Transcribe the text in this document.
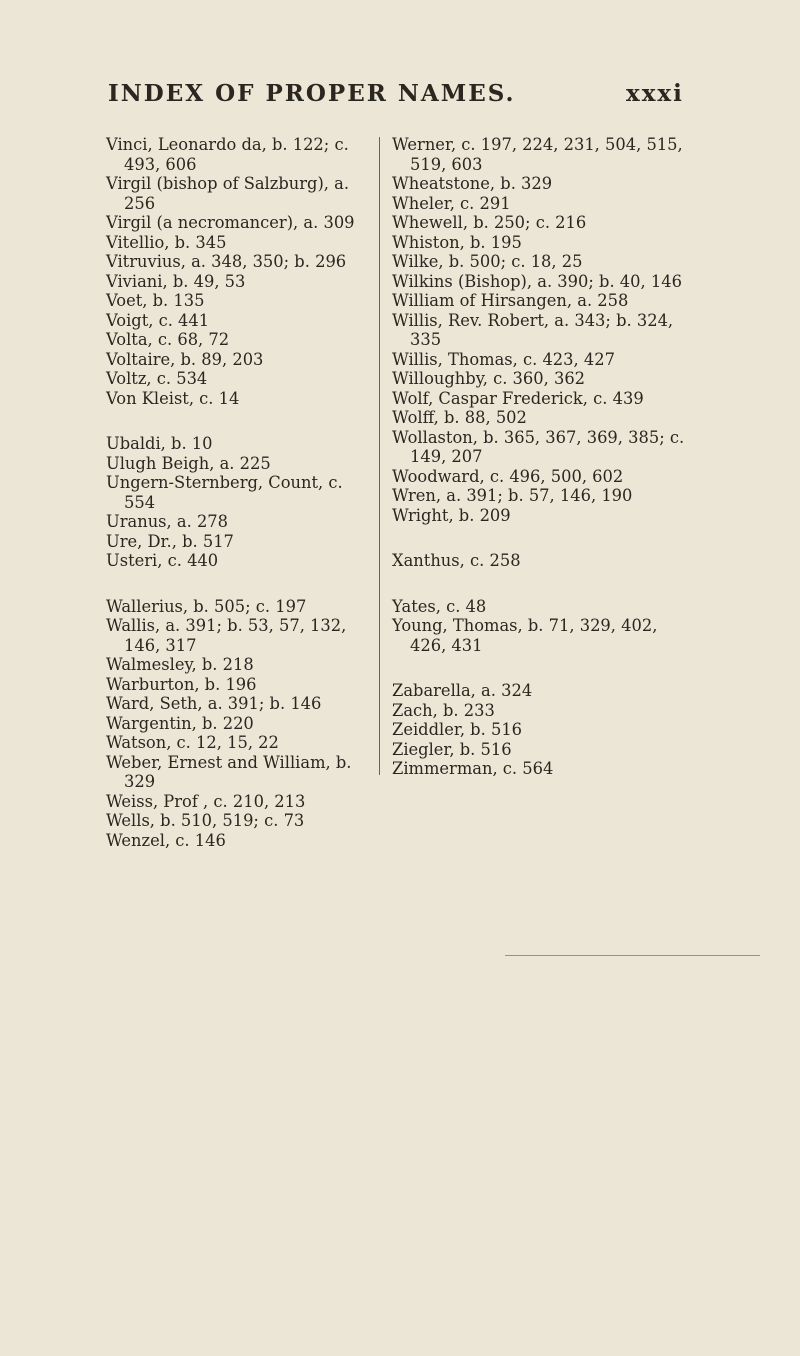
INDEX OF PROPER NAMES.	xxxi
Vinci, Leonardo da, b. 122; c. 493, 606
Virgil (bishop of Salzburg), a. 256
Virgil (a necromancer), a. 309
Vitellio, b. 345
Vitruvius, a. 348, 350; b. 296
Viviani, b. 49, 53
Voet, b. 135
Voigt, c. 441
Volta, c. 68, 72
Voltaire, b. 89, 203
Voltz, c. 534
Von Kleist, c. 14
Ubaldi, b. 10
Ulugh Beigh, a. 225
Ungern-Sternberg, Count, c. 554
Uranus, a. 278
Ure, Dr., b. 517
Usteri, c. 440
Wallerius, b. 505; c. 197
Wallis, a. 391; b. 53, 57, 132, 146, 317
Walmesley, b. 218
Warburton, b. 196
Ward, Seth, a. 391; b. 146
Wargentin, b. 220
Watson, c. 12, 15, 22
Weber, Ernest and William, b. 329
Weiss, Prof , c. 210, 213
Wells, b. 510, 519; c. 73
Wenzel, c. 146
Werner, c. 197, 224, 231, 504, 515, 519, 603
Wheatstone, b. 329
Wheler, c. 291
Whewell, b. 250; c. 216
Whiston, b. 195
Wilke, b. 500; c. 18, 25
Wilkins (Bishop), a. 390; b. 40, 146
William of Hirsangen, a. 258
Willis, Rev. Robert, a. 343; b. 324, 335
Willis, Thomas, c. 423, 427
Willoughby, c. 360, 362
Wolf, Caspar Frederick, c. 439
Wolff, b. 88, 502
Wollaston, b. 365, 367, 369, 385; c. 149, 207
Woodward, c. 496, 500, 602
Wren, a. 391; b. 57, 146, 190
Wright, b. 209
Xanthus, c. 258
Yates, c. 48
Young, Thomas, b. 71, 329, 402, 426, 431
Zabarella, a. 324
Zach, b. 233
Zeiddler, b. 516
Ziegler, b. 516
Zimmerman, c. 564
